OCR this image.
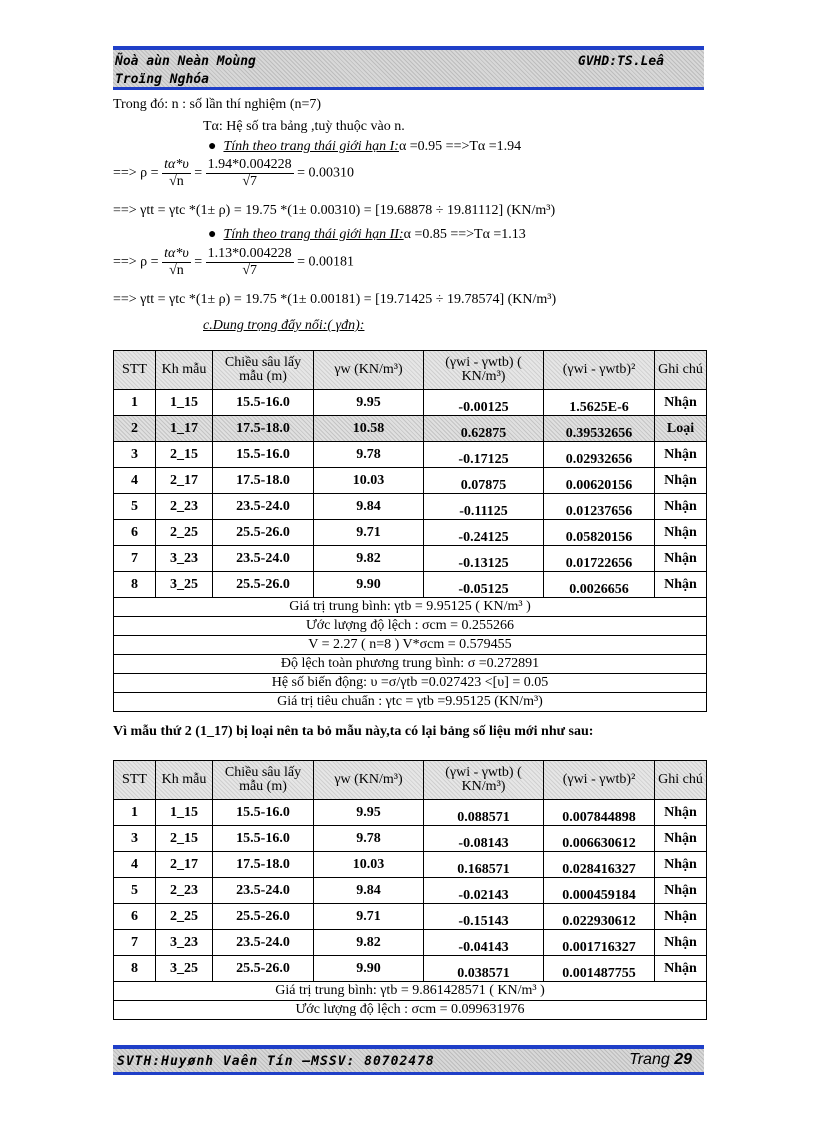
Ñoà aùn Neàn Moùng
Troïng Nghóa
GVHD:TS.Leâ
Trong đó: n : số lần thí nghiệm (n=7)
Tα: Hệ số tra bảng ,tuỳ thuộc vào n.
●  Tính theo trang thái giới hạn I:α =0.95 ==>Tα =1.94
==> $\rho = \frac{t\alpha*\upsilon}{√n} = \frac{1.94*0.004228}{√7} = 0.00310$
==> γtt = γtc *(1± ρ) = 19.75 *(1± 0.00310) = [19.68878 ÷ 19.81112] (KN/m³)
●  Tính theo trang thái giới hạn II:α =0.85 ==>Tα =1.13
==> $\rho = \frac{t\alpha*\upsilon}{√n} = \frac{1.13*0.004228}{√7} = 0.00181$
==> γtt = γtc *(1± ρ) = 19.75 *(1± 0.00181) = [19.71425 ÷ 19.78574] (KN/m³)
c.Dung trọng đẩy nổi:( γđn):
STT	Kh mẫu	Chiều sâu lấy mẫu (m)	γw (KN/m³)	(γwi - γwtb) ( KN/m³)	(γwi - γwtb)²	Ghi chú
1	1_15	15.5-16.0	9.95	-0.00125	1.5625E-6	Nhận
2	1_17	17.5-18.0	10.58	0.62875	0.39532656	Loại
3	2_15	15.5-16.0	9.78	-0.17125	0.02932656	Nhận
4	2_17	17.5-18.0	10.03	0.07875	0.00620156	Nhận
5	2_23	23.5-24.0	9.84	-0.11125	0.01237656	Nhận
6	2_25	25.5-26.0	9.71	-0.24125	0.05820156	Nhận
7	3_23	23.5-24.0	9.82	-0.13125	0.01722656	Nhận
8	3_25	25.5-26.0	9.90	-0.05125	0.0026656	Nhận
Giá trị trung bình: γtb = 9.95125 ( KN/m³ )						
Ước lượng độ lệch : σcm = 0.255266						
V = 2.27 ( n=8 ) V*σcm = 0.579455						
Độ lệch toàn phương trung bình: σ =0.272891						
Hệ số biến động: υ =σ/γtb =0.027423 <[υ] = 0.05						
Giá trị tiêu chuẩn : γtc = γtb =9.95125 (KN/m³)						
Vì mẫu thứ 2 (1_17) bị loại nên ta bỏ mẫu này,ta có lại bảng số liệu mới như sau:
STT	Kh mẫu	Chiều sâu lấy mẫu (m)	γw (KN/m³)	(γwi - γwtb) ( KN/m³)	(γwi - γwtb)²	Ghi chú
1	1_15	15.5-16.0	9.95	0.088571	0.007844898	Nhận
3	2_15	15.5-16.0	9.78	-0.08143	0.006630612	Nhận
4	2_17	17.5-18.0	10.03	0.168571	0.028416327	Nhận
5	2_23	23.5-24.0	9.84	-0.02143	0.000459184	Nhận
6	2_25	25.5-26.0	9.71	-0.15143	0.022930612	Nhận
7	3_23	23.5-24.0	9.82	-0.04143	0.001716327	Nhận
8	3_25	25.5-26.0	9.90	0.038571	0.001487755	Nhận
Giá trị trung bình: γtb = 9.861428571 ( KN/m³ )						
Ước lượng độ lệch : σcm = 0.099631976						
SVTH:Huyønh Vaên Tín –MSSV: 80702478	Trang 29
